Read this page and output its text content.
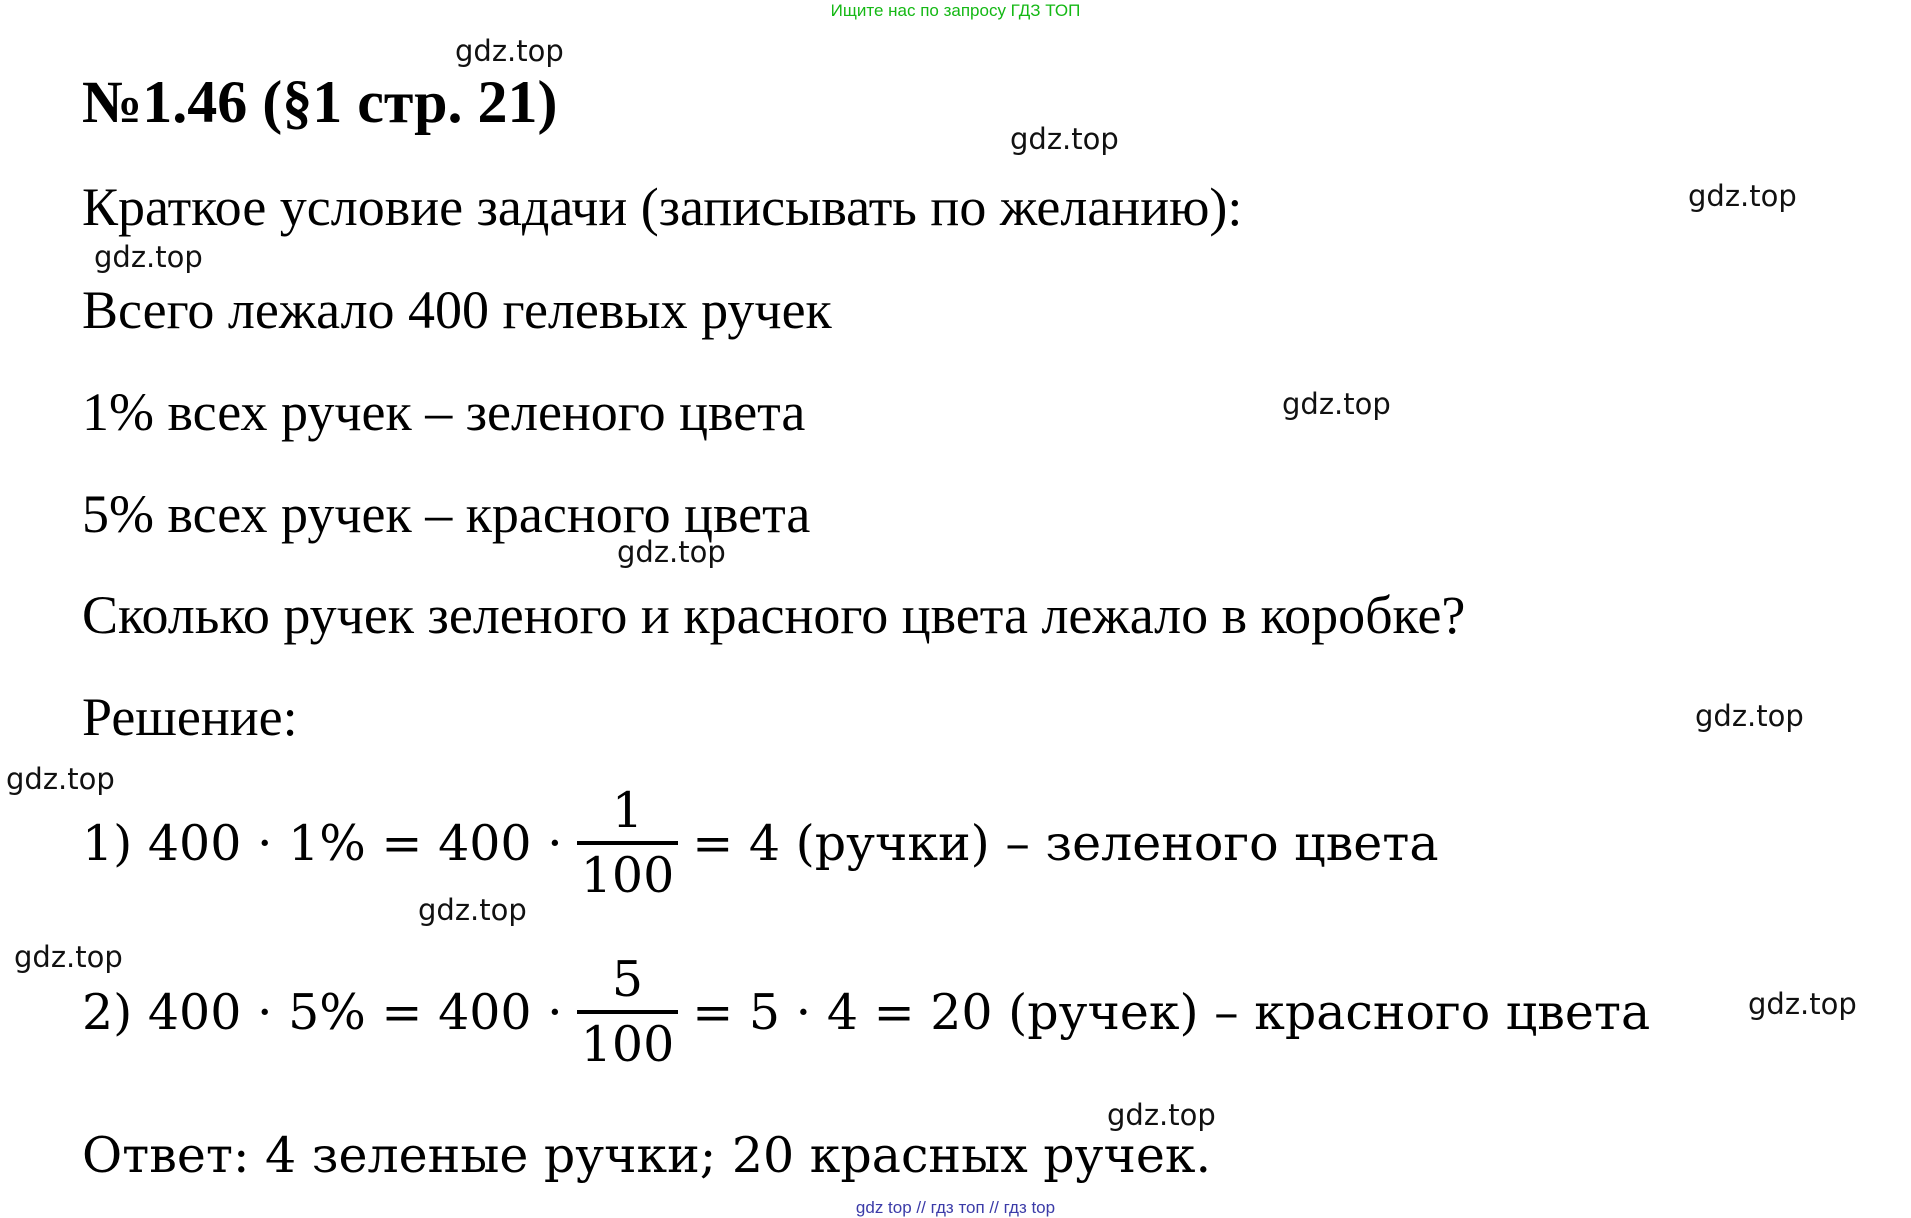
Ищите нас по запросу ГДЗ ТОП
№1.46 (§1 стр. 21)
Краткое условие задачи (записывать по желанию):
Всего лежало 400 гелевых ручек
1% всех ручек – зеленого цвета
5% всех ручек – красного цвета
Сколько ручек зеленого и красного цвета лежало в коробке?
Решение:
1) $400 \cdot 1\% = 400 \cdot \frac{1}{100} = 4$ (ручки) – зеленого цвета
2) $400 \cdot 5\% = 400 \cdot \frac{5}{100} = 5 \cdot 4 = 20$ (ручек) – красного цвета
Ответ: 4 зеленые ручки; 20 красных ручек.
gdz.top
gdz.top
gdz.top
gdz.top
gdz.top
gdz.top
gdz.top
gdz.top
gdz.top
gdz.top
gdz.top
gdz.top
gdz top // гдз топ // гдз top
